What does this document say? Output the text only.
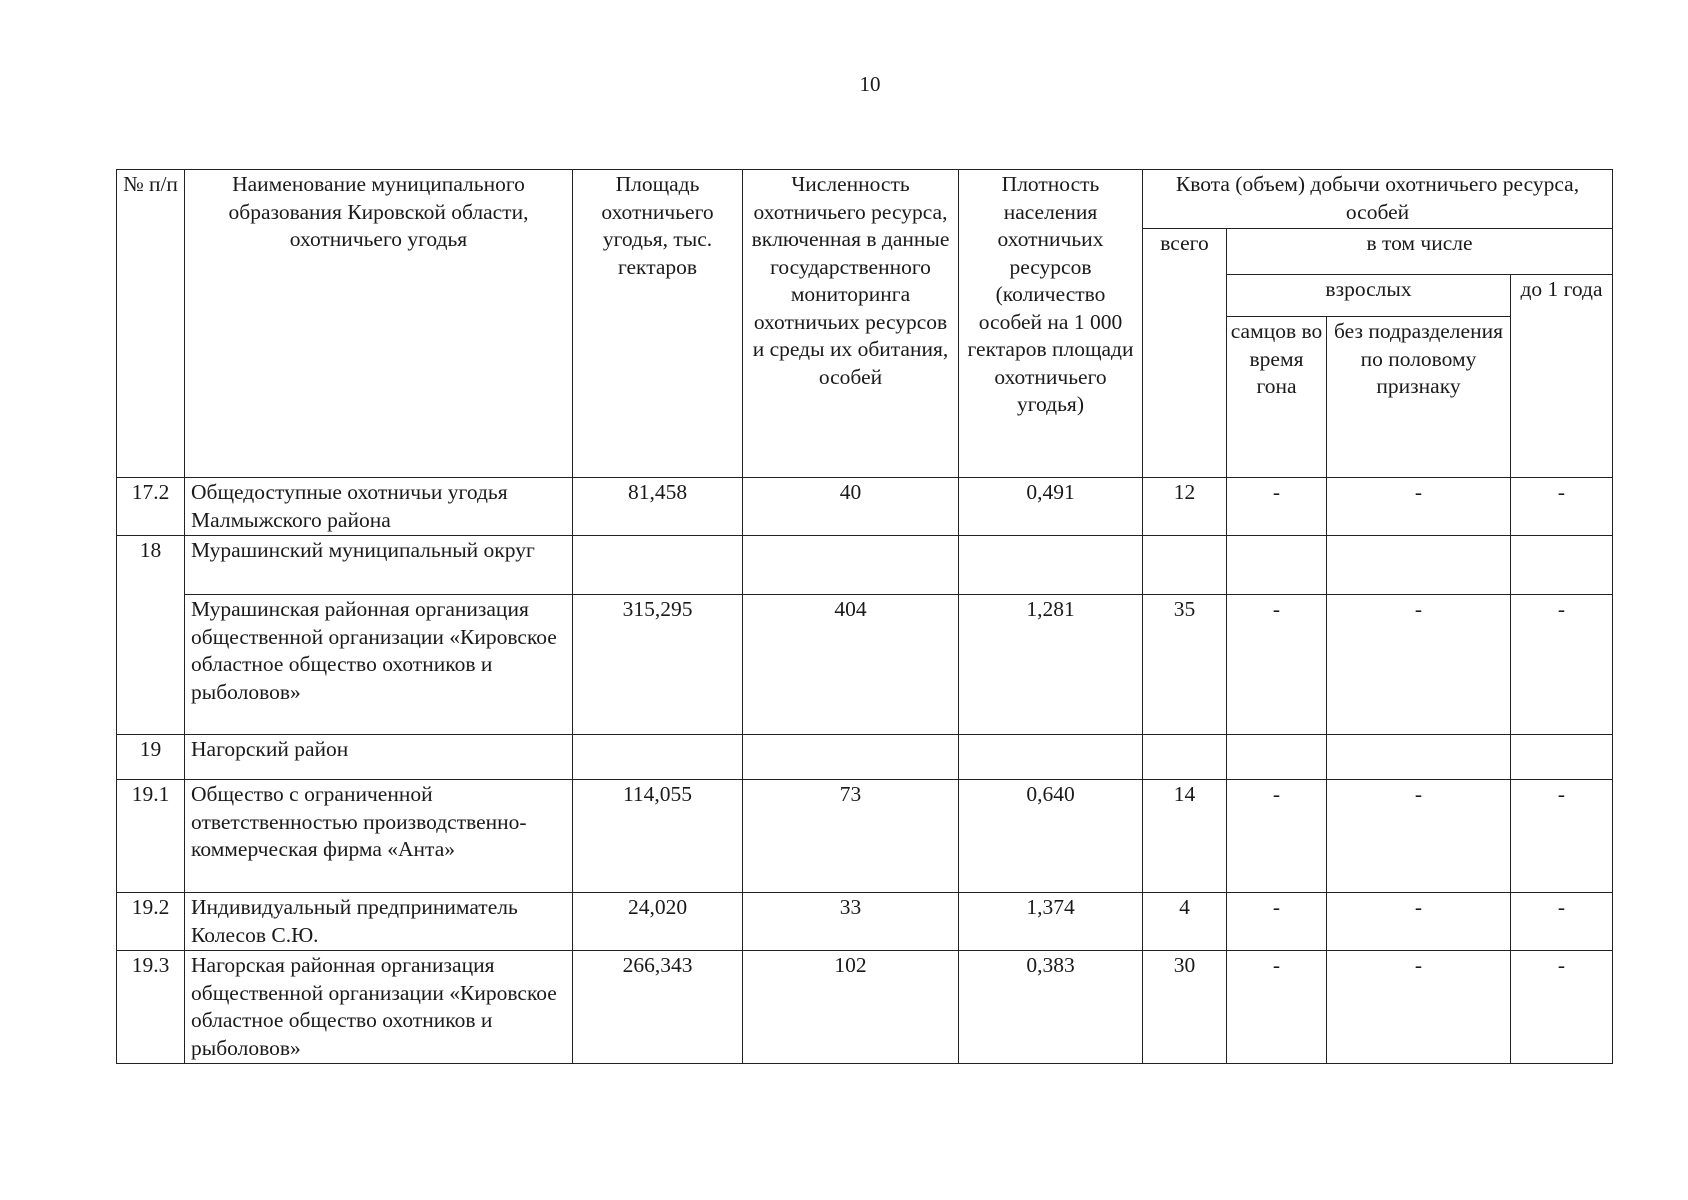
10
№ п/п	Наименование муниципального образования Кировской области, охотничьего угодья	Площадь охотничьего угодья, тыс. гектаров	Численность охотничьего ресурса, включенная в данные государственного мониторинга охотничьих ресурсов и среды их обитания, особей	Плотность населения охотничьих ресурсов (количество особей на 1 000 гектаров площади охотничьего угодья)	Квота (объем) добычи охотничьего ресурса, особей			
					всего	в том числе		
						взрослых		до 1 года
						самцов во время гона	без подразделения по половому признаку	
17.2	Общедоступные охотничьи угодья Малмыжского района	81,458	40	0,491	12	-	-	-
18	Мурашинский муниципальный округ							
	Мурашинская районная организация общественной организации «Кировское областное общество охотников и рыболовов»	315,295	404	1,281	35	-	-	-
19	Нагорский район							
19.1	Общество с ограниченной ответственностью производственно-коммерческая фирма «Анта»	114,055	73	0,640	14	-	-	-
19.2	Индивидуальный предприниматель Колесов С.Ю.	24,020	33	1,374	4	-	-	-
19.3	Нагорская районная организация общественной организации «Кировское областное общество охотников и рыболовов»	266,343	102	0,383	30	-	-	-
